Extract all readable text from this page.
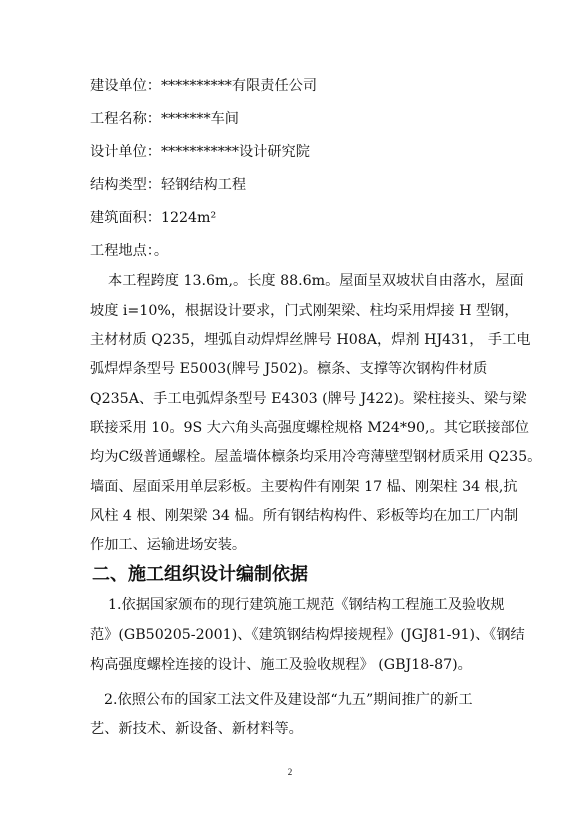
建设单位：**********有限责任公司
工程名称：*******车间
设计单位：***********设计研究院
结构类型：轻钢结构工程
建筑面积：1224m²
工程地点：。
本工程跨度 13.6m,。长度 88.6m。屋面呈双坡状自由落水，屋面
坡度 i=10%，根据设计要求，门式刚架梁、柱均采用焊接 H 型钢，
主材材质 Q235，埋弧自动焊焊丝牌号 H08A，焊剂 HJ431， 手工电
弧焊焊条型号 E5003(牌号 J502)。檩条、支撑等次钢构件材质
Q235A、手工电弧焊条型号 E4303 (牌号 J422)。梁柱接头、梁与梁
联接采用 10。9S 大六角头高强度螺栓规格 M24*90,。其它联接部位
均为C级普通螺栓。屋盖墙体檩条均采用冷弯薄壁型钢材质采用 Q235。
墙面、屋面采用单层彩板。主要构件有刚架 17 榀、刚架柱 34 根,抗
风柱 4 根、刚架梁 34 榀。所有钢结构构件、彩板等均在加工厂内制
作加工、运输进场安装。
二、施工组织设计编制依据
1.依据国家颁布的现行建筑施工规范《钢结构工程施工及验收规
范》(GB50205-2001)、《建筑钢结构焊接规程》(JGJ81-91)、《钢结
构高强度螺栓连接的设计、施工及验收规程》 (GBJ18-87)。
2.依照公布的国家工法文件及建设部“九五”期间推广的新工
艺、新技术、新设备、新材料等。
2
